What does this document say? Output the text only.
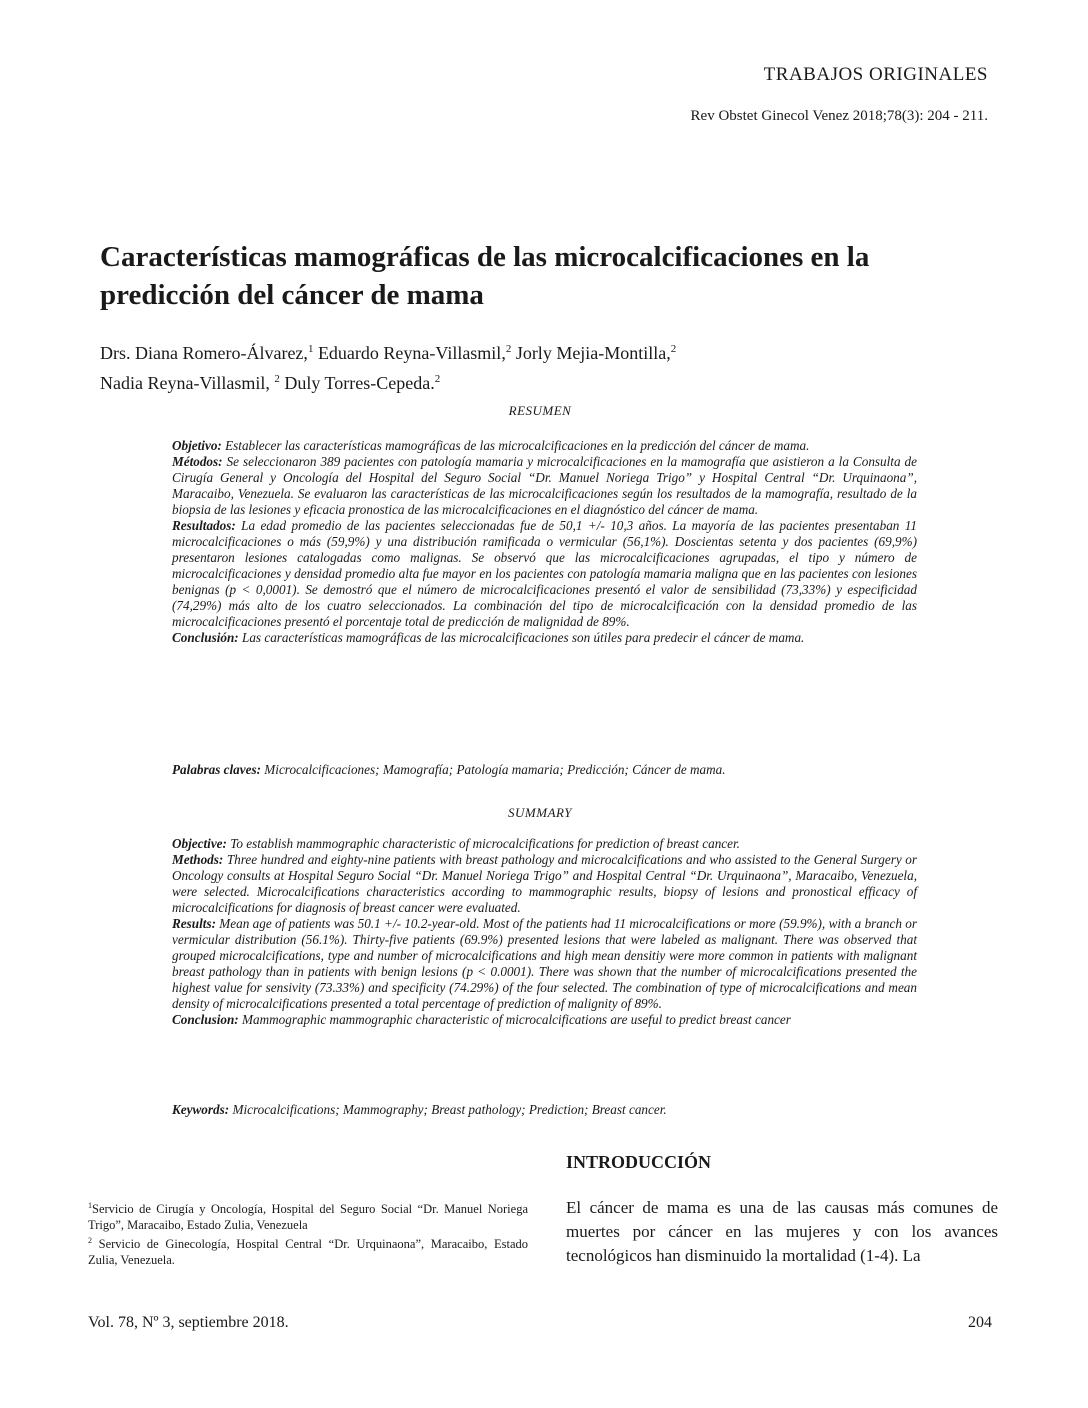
TRABAJOS ORIGINALES
Rev Obstet Ginecol Venez 2018;78(3): 204 - 211.
Características mamográficas de las microcalcificaciones en la predicción del cáncer de mama
Drs. Diana Romero-Álvarez,$^1$ Eduardo Reyna-Villasmil,$^2$ Jorly Mejia-Montilla,$^2$
Nadia Reyna-Villasmil, $^2$ Duly Torres-Cepeda.$^2$
RESUMEN

Objetivo: Establecer las características mamográficas de las microcalcificaciones en la predicción del cáncer de mama.

Métodos: Se seleccionaron 389 pacientes con patología mamaria y microcalcificaciones en la mamografía que asistieron a la Consulta de Cirugía General y Oncología del Hospital del Seguro Social “Dr. Manuel Noriega Trigo” y Hospital Central “Dr. Urquinaona”, Maracaibo, Venezuela. Se evaluaron las características de las microcalcificaciones según los resultados de la mamografía, resultado de la biopsia de las lesiones y eficacia pronostica de las microcalcificaciones en el diagnóstico del cáncer de mama.

Resultados: La edad promedio de las pacientes seleccionadas fue de 50,1 +/- 10,3 años. La mayoría de las pacientes presentaban 11 microcalcificaciones o más (59,9%) y una distribución ramificada o vermicular (56,1%). Doscientas setenta y dos pacientes (69,9%) presentaron lesiones catalogadas como malignas. Se observó que las microcalcificaciones agrupadas, el tipo y número de microcalcificaciones y densidad promedio alta fue mayor en los pacientes con patología mamaria maligna que en las pacientes con lesiones benignas (p < 0,0001). Se demostró que el número de microcalcificaciones presentó el valor de sensibilidad (73,33%) y especificidad (74,29%) más alto de los cuatro seleccionados. La combinación del tipo de microcalcificación con la densidad promedio de las microcalcificaciones presentó el porcentaje total de predicción de malignidad de 89%.

Conclusión: Las características mamográficas de las microcalcificaciones son útiles para predecir el cáncer de mama.

Palabras claves: Microcalcificaciones; Mamografía; Patología mamaria; Predicción; Cáncer de mama.
SUMMARY

Objective: To establish mammographic characteristic of microcalcifications for prediction of breast cancer.

Methods: Three hundred and eighty-nine patients with breast pathology and microcalcifications and who assisted to the General Surgery or Oncology consults at Hospital Seguro Social “Dr. Manuel Noriega Trigo” and Hospital Central “Dr. Urquinaona”, Maracaibo, Venezuela, were selected. Microcalcifications characteristics according to mammographic results, biopsy of lesions and pronostical efficacy of microcalcifications for diagnosis of breast cancer were evaluated.

Results: Mean age of patients was 50.1 +/- 10.2-year-old. Most of the patients had 11 microcalcifications or more (59.9%), with a branch or vermicular distribution (56.1%). Thirty-five patients (69.9%) presented lesions that were labeled as malignant. There was observed that grouped microcalcifications, type and number of microcalcifications and high mean densitiy were more common in patients with malignant breast pathology than in patients with benign lesions (p < 0.0001). There was shown that the number of microcalcifications presented the highest value for sensivity (73.33%) and specificity (74.29%) of the four selected. The combination of type of microcalcifications and mean density of microcalcifications presented a total percentage of prediction of malignity of 89%.

Conclusion: Mammographic mammographic characteristic of microcalcifications are useful to predict breast cancer

Keywords: Microcalcifications; Mammography; Breast pathology; Prediction; Breast cancer.

$^1$Servicio de Cirugía y Oncología, Hospital del Seguro Social “Dr. Manuel Noriega Trigo”, Maracaibo, Estado Zulia, Venezuela

$^2$ Servicio de Ginecología, Hospital Central “Dr. Urquinaona”, Maracaibo, Estado Zulia, Venezuela.

INTRODUCCIÓN

El cáncer de mama es una de las causas más comunes de muertes por cáncer en las mujeres y con los avances tecnológicos han disminuido la mortalidad (1-4). La

Vol. 78, Nº 3, septiembre 2018.	204
